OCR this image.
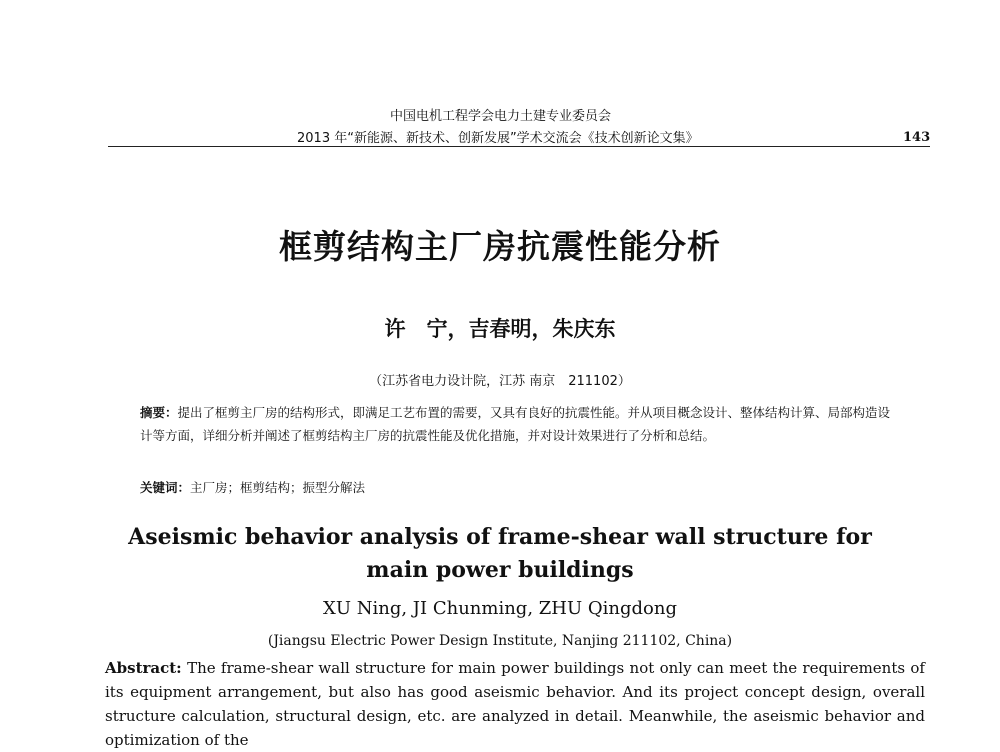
中国电机工程学会电力土建专业委员会
2013 年“新能源、新技术、创新发展”学术交流会《技术创新论文集》	143
框剪结构主厂房抗震性能分析
许　宁，吉春明，朱庆东
（江苏省电力设计院，江苏 南京　211102）
摘要：提出了框剪主厂房的结构形式，即满足工艺布置的需要，又具有良好的抗震性能。并从项目概念设计、整体结构计算、局部构造设计等方面，详细分析并阐述了框剪结构主厂房的抗震性能及优化措施，并对设计效果进行了分析和总结。
关键词：主厂房；框剪结构；振型分解法
Aseismic behavior analysis of frame-shear wall structure for main power buildings
XU Ning, JI Chunming, ZHU Qingdong
(Jiangsu Electric Power Design Institute, Nanjing 211102, China)
Abstract: The frame-shear wall structure for main power buildings not only can meet the requirements of its equipment arrangement, but also has good aseismic behavior. And its project concept design, overall structure calculation, structural design, etc. are analyzed in detail. Meanwhile, the aseismic behavior and optimization of the
